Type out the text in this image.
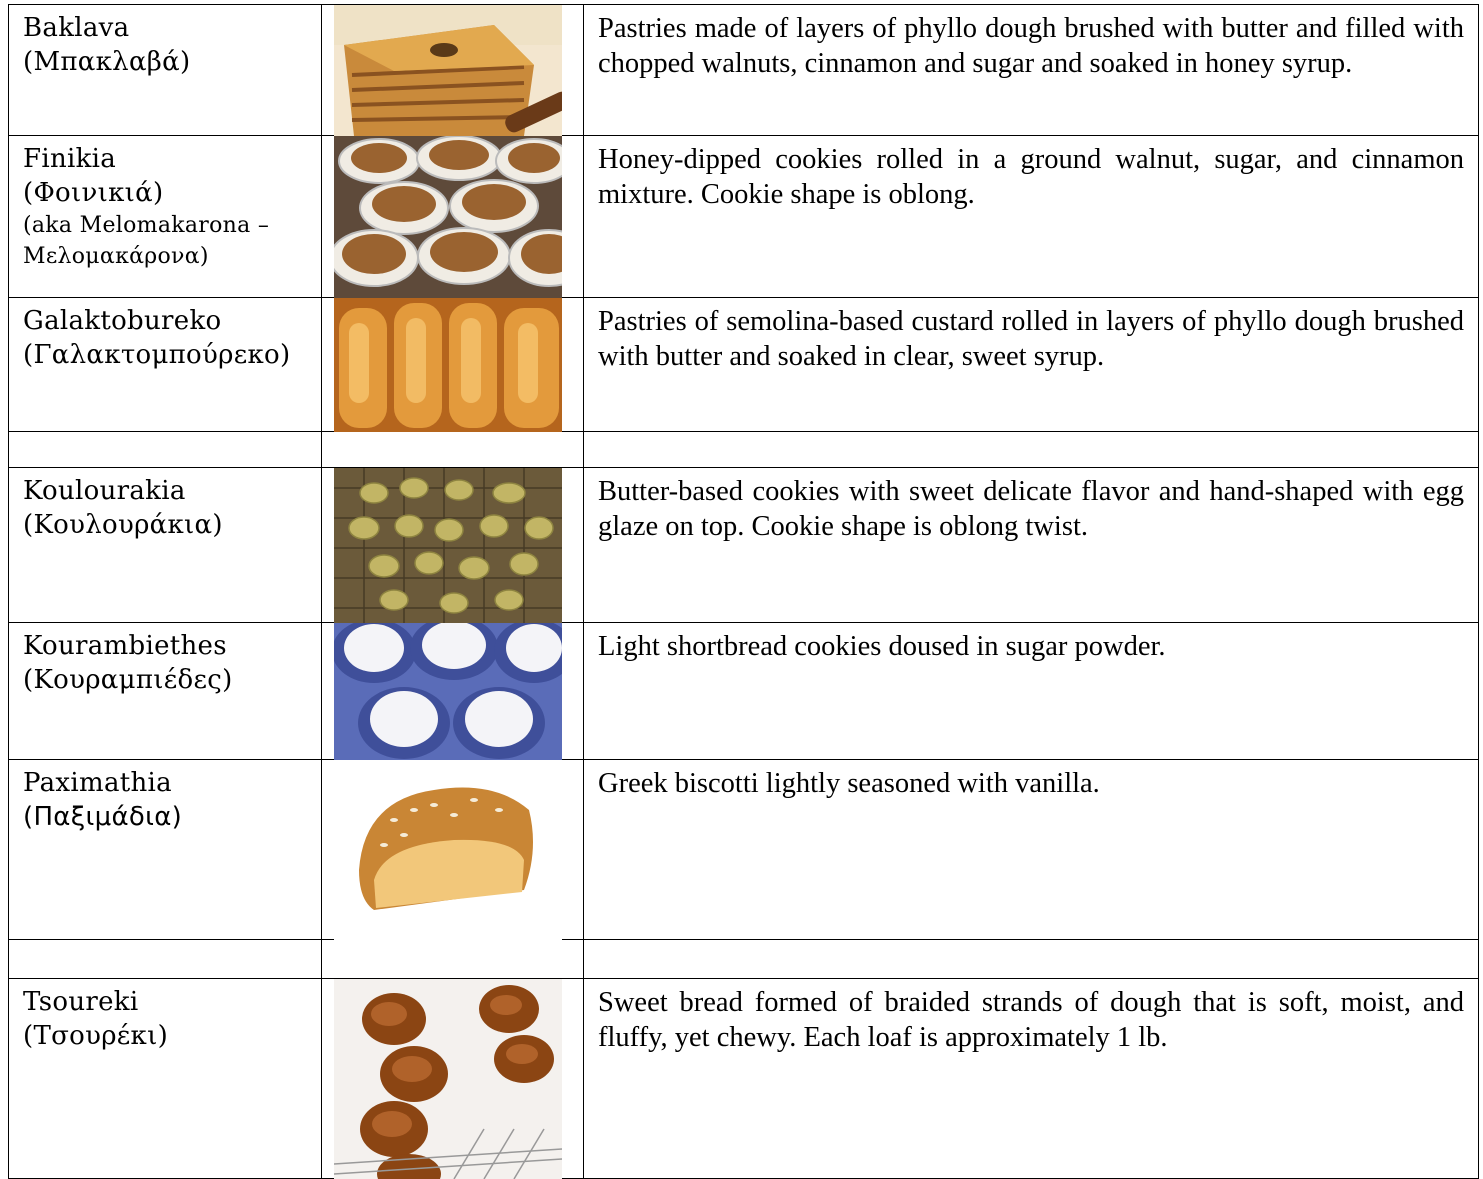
Baklava
(Μπακλαβά)		Pastries made of layers of phyllo dough brushed with butter and filled with chopped walnuts, cinnamon and sugar and soaked in honey syrup.

Finikia
(Φοινικιά)
(aka Melomakarona –
Μελομακάρονα)		Honey-dipped cookies rolled in a ground walnut, sugar, and cinnamon mixture. Cookie shape is oblong.

Galaktobureko
(Γαλακτομπούρεκο)		Pastries of semolina-based custard rolled in layers of phyllo dough brushed with butter and soaked in clear, sweet syrup.

Koulourakia
(Κουλουράκια)		Butter-based cookies with sweet delicate flavor and hand-shaped with egg glaze on top. Cookie shape is oblong twist.

Kourambiethes
(Κουραμπιέδες)		Light shortbread cookies doused in sugar powder.

Paximathia
(Παξιμάδια)		Greek biscotti lightly seasoned with vanilla.

Tsoureki
(Τσουρέκι)		Sweet bread formed of braided strands of dough that is soft, moist, and fluffy, yet chewy. Each loaf is approximately 1 lb.
